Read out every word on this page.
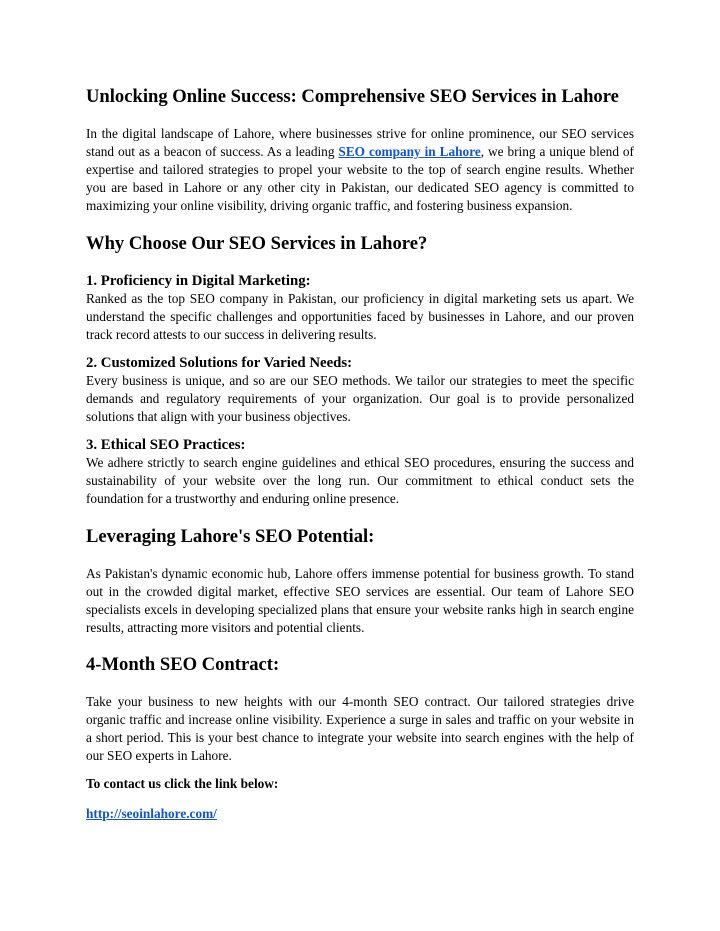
Unlocking Online Success: Comprehensive SEO Services in Lahore

In the digital landscape of Lahore, where businesses strive for online prominence, our SEO services stand out as a beacon of success. As a leading SEO company in Lahore, we bring a unique blend of expertise and tailored strategies to propel your website to the top of search engine results. Whether you are based in Lahore or any other city in Pakistan, our dedicated SEO agency is committed to maximizing your online visibility, driving organic traffic, and fostering business expansion.

Why Choose Our SEO Services in Lahore?
1. Proficiency in Digital Marketing:

Ranked as the top SEO company in Pakistan, our proficiency in digital marketing sets us apart. We understand the specific challenges and opportunities faced by businesses in Lahore, and our proven track record attests to our success in delivering results.

2. Customized Solutions for Varied Needs:

Every business is unique, and so are our SEO methods. We tailor our strategies to meet the specific demands and regulatory requirements of your organization. Our goal is to provide personalized solutions that align with your business objectives.

3. Ethical SEO Practices:

We adhere strictly to search engine guidelines and ethical SEO procedures, ensuring the success and sustainability of your website over the long run. Our commitment to ethical conduct sets the foundation for a trustworthy and enduring online presence.

Leveraging Lahore's SEO Potential:

As Pakistan's dynamic economic hub, Lahore offers immense potential for business growth. To stand out in the crowded digital market, effective SEO services are essential. Our team of Lahore SEO specialists excels in developing specialized plans that ensure your website ranks high in search engine results, attracting more visitors and potential clients.

4-Month SEO Contract:

Take your business to new heights with our 4-month SEO contract. Our tailored strategies drive organic traffic and increase online visibility. Experience a surge in sales and traffic on your website in a short period. This is your best chance to integrate your website into search engines with the help of our SEO experts in Lahore.

To contact us click the link below:
http://seoinlahore.com/
